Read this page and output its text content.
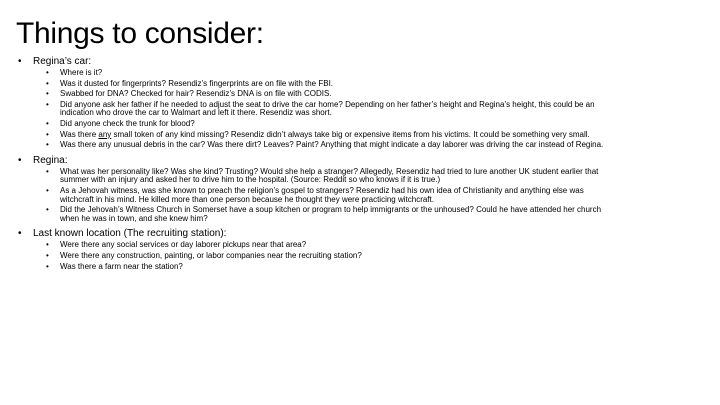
Things to consider:
• Regina’s car:
• Where is it?
• Was it dusted for fingerprints? Resendiz’s fingerprints are on file with the FBI.
• Swabbed for DNA? Checked for hair? Resendiz’s DNA is on file with CODIS.
• Did anyone ask her father if he needed to adjust the seat to drive the car home? Depending on her father’s height and Regina’s height, this could be an indication who drove the car to Walmart and left it there. Resendiz was short.
• Did anyone check the trunk for blood?
• Was there any small token of any kind missing? Resendiz didn’t always take big or expensive items from his victims. It could be something very small.
• Was there any unusual debris in the car? Was there dirt? Leaves? Paint? Anything that might indicate a day laborer was driving the car instead of Regina.
• Regina:
• What was her personality like? Was she kind? Trusting? Would she help a stranger? Allegedly, Resendiz had tried to lure another UK student earlier that summer with an injury and asked her to drive him to the hospital. (Source: Reddit so who knows if it is true.)
• As a Jehovah witness, was she known to preach the religion’s gospel to strangers? Resendiz had his own idea of Christianity and anything else was witchcraft in his mind. He killed more than one person because he thought they were practicing witchcraft.
• Did the Jehovah’s Witness Church in Somerset have a soup kitchen or program to help immigrants or the unhoused? Could he have attended her church when he was in town, and she knew him?
• Last known location (The recruiting station):
• Were there any social services or day laborer pickups near that area?
• Were there any construction, painting, or labor companies near the recruiting station?
• Was there a farm near the station?
